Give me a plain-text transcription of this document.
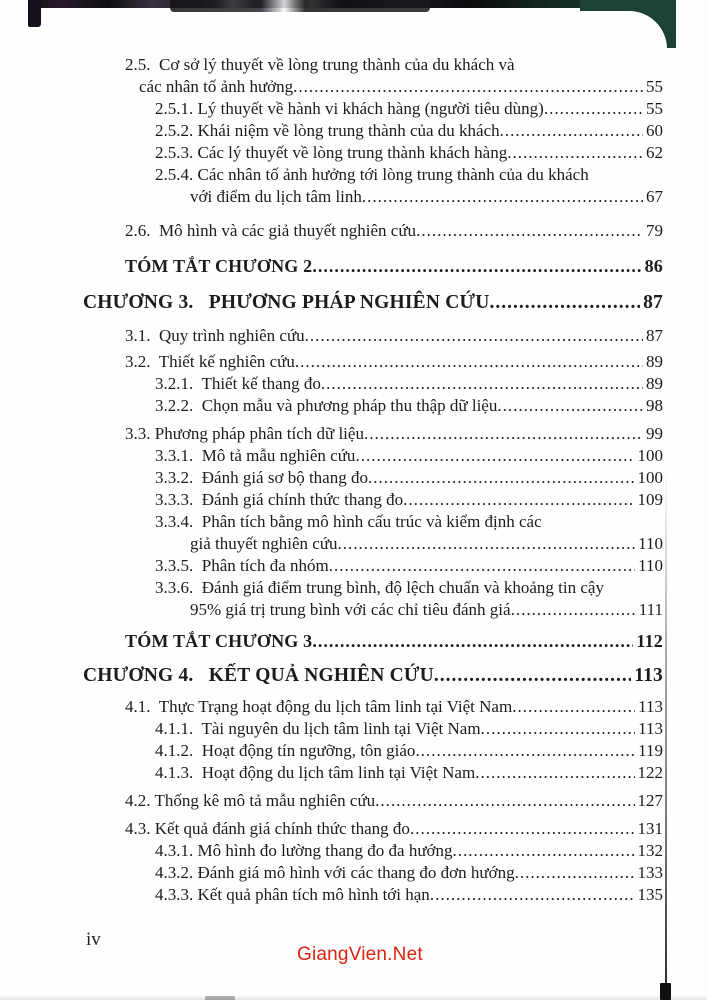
2.5.  Cơ sở lý thuyết về lòng trung thành của du khách và
các nhân tố ảnh hưởng .....	55
2.5.1. Lý thuyết về hành vi khách hàng (người tiêu dùng) .....	55
2.5.2. Khái niệm về lòng trung thành của du khách .....	60
2.5.3. Các lý thuyết về lòng trung thành khách hàng .....	62
2.5.4. Các nhân tố ảnh hưởng tới lòng trung thành của du khách
với điểm du lịch tâm linh .....	67
2.6.  Mô hình và các giả thuyết nghiên cứu .....	79
TÓM TẮT CHƯƠNG 2 .....	86
CHƯƠNG 3.   PHƯƠNG PHÁP NGHIÊN CỨU .....	87
3.1.  Quy trình nghiên cứu .....	87
3.2.  Thiết kế nghiên cứu .....	89
3.2.1.  Thiết kế thang đo .....	89
3.2.2.  Chọn mẫu và phương pháp thu thập dữ liệu .....	98
3.3. Phương pháp phân tích dữ liệu .....	99
3.3.1.  Mô tả mẫu nghiên cứu .....	100
3.3.2.  Đánh giá sơ bộ thang đo .....	100
3.3.3.  Đánh giá chính thức thang đo .....	109
3.3.4.  Phân tích bằng mô hình cấu trúc và kiểm định các
giả thuyết nghiên cứu .....	110
3.3.5.  Phân tích đa nhóm .....	110
3.3.6.  Đánh giá điểm trung bình, độ lệch chuẩn và khoảng tin cậy
95% giá trị trung bình với các chỉ tiêu đánh giá .....	111
TÓM TẮT CHƯƠNG 3 .....	112
CHƯƠNG 4.   KẾT QUẢ NGHIÊN CỨU .....	113
4.1.  Thực Trạng hoạt động du lịch tâm linh tại Việt Nam .....	113
4.1.1.  Tài nguyên du lịch tâm linh tại Việt Nam .....	113
4.1.2.  Hoạt động tín ngưỡng, tôn giáo .....	119
4.1.3.  Hoạt động du lịch tâm linh tại Việt Nam .....	122
4.2. Thống kê mô tả mẫu nghiên cứu .....	127
4.3. Kết quả đánh giá chính thức thang đo .....	131
4.3.1. Mô hình đo lường thang đo đa hướng .....	132
4.3.2. Đánh giá mô hình với các thang đo đơn hướng .....	133
4.3.3. Kết quả phân tích mô hình tới hạn .....	135
iv
GiangVien.Net
